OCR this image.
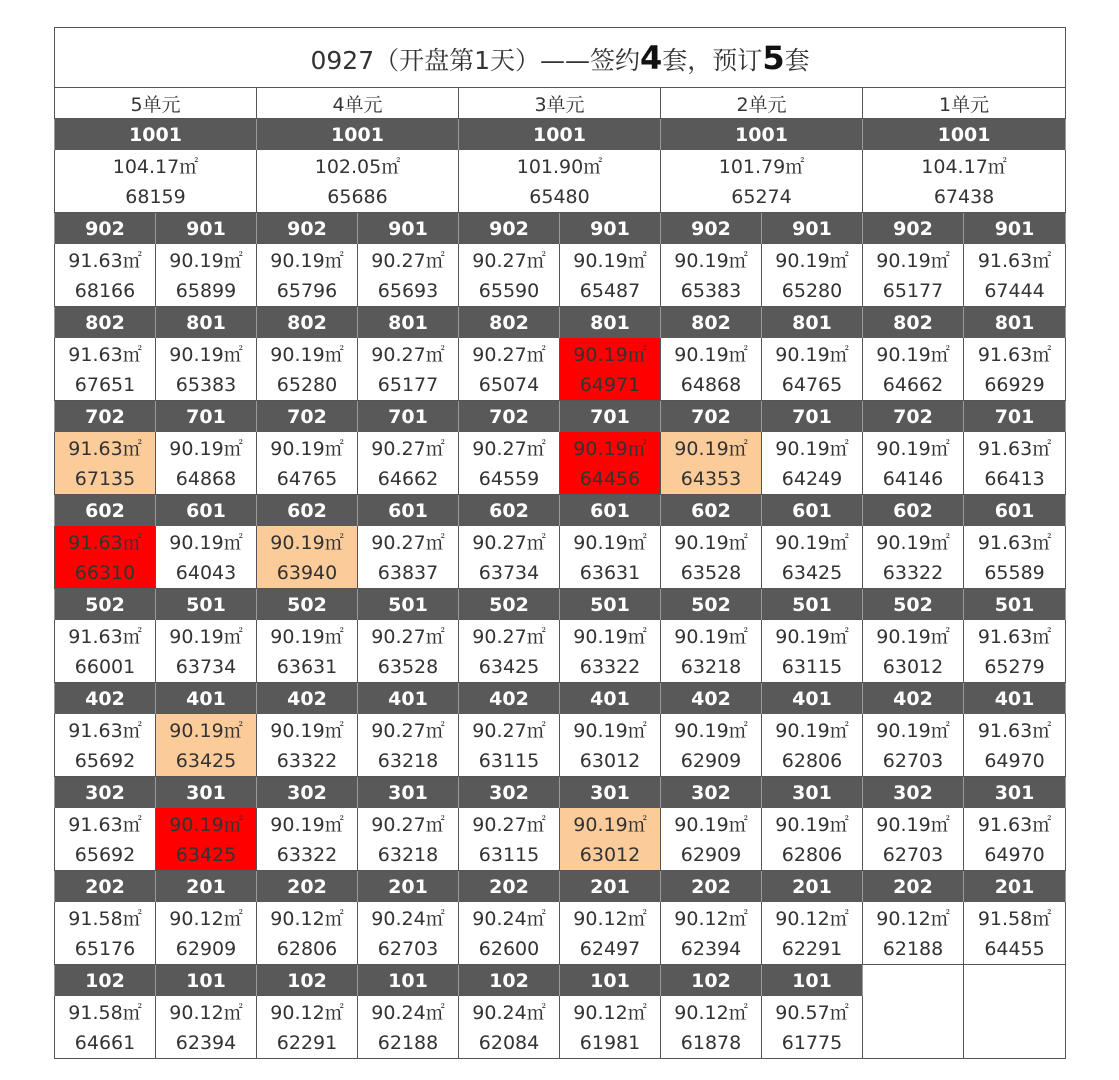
0927（开盘第1天）——签约4套，预订5套									
5单元		4单元		3单元		2单元		1单元	
1001		1001		1001		1001		1001	
104.17㎡		102.05㎡		101.90㎡		101.79㎡		104.17㎡	
68159		65686		65480		65274		67438	
902	901	902	901	902	901	902	901	902	901
91.63㎡	90.19㎡	90.19㎡	90.27㎡	90.27㎡	90.19㎡	90.19㎡	90.19㎡	90.19㎡	91.63㎡
68166	65899	65796	65693	65590	65487	65383	65280	65177	67444
802	801	802	801	802	801	802	801	802	801
91.63㎡	90.19㎡	90.19㎡	90.27㎡	90.27㎡	90.19㎡	90.19㎡	90.19㎡	90.19㎡	91.63㎡
67651	65383	65280	65177	65074	64971	64868	64765	64662	66929
702	701	702	701	702	701	702	701	702	701
91.63㎡	90.19㎡	90.19㎡	90.27㎡	90.27㎡	90.19㎡	90.19㎡	90.19㎡	90.19㎡	91.63㎡
67135	64868	64765	64662	64559	64456	64353	64249	64146	66413
602	601	602	601	602	601	602	601	602	601
91.63㎡	90.19㎡	90.19㎡	90.27㎡	90.27㎡	90.19㎡	90.19㎡	90.19㎡	90.19㎡	91.63㎡
66310	64043	63940	63837	63734	63631	63528	63425	63322	65589
502	501	502	501	502	501	502	501	502	501
91.63㎡	90.19㎡	90.19㎡	90.27㎡	90.27㎡	90.19㎡	90.19㎡	90.19㎡	90.19㎡	91.63㎡
66001	63734	63631	63528	63425	63322	63218	63115	63012	65279
402	401	402	401	402	401	402	401	402	401
91.63㎡	90.19㎡	90.19㎡	90.27㎡	90.27㎡	90.19㎡	90.19㎡	90.19㎡	90.19㎡	91.63㎡
65692	63425	63322	63218	63115	63012	62909	62806	62703	64970
302	301	302	301	302	301	302	301	302	301
91.63㎡	90.19㎡	90.19㎡	90.27㎡	90.27㎡	90.19㎡	90.19㎡	90.19㎡	90.19㎡	91.63㎡
65692	63425	63322	63218	63115	63012	62909	62806	62703	64970
202	201	202	201	202	201	202	201	202	201
91.58㎡	90.12㎡	90.12㎡	90.24㎡	90.24㎡	90.12㎡	90.12㎡	90.12㎡	90.12㎡	91.58㎡
65176	62909	62806	62703	62600	62497	62394	62291	62188	64455
102	101	102	101	102	101	102	101		
91.58㎡	90.12㎡	90.12㎡	90.24㎡	90.24㎡	90.12㎡	90.12㎡	90.57㎡		
64661	62394	62291	62188	62084	61981	61878	61775		
